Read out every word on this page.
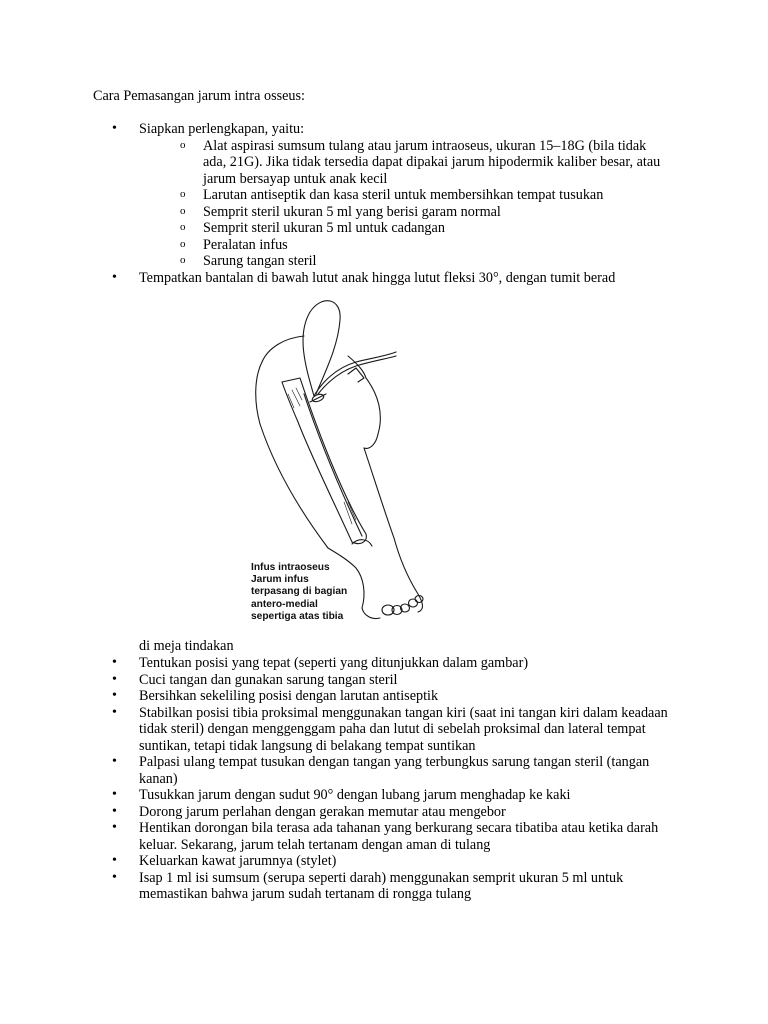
Cara Pemasangan jarum intra osseus:
• Siapkan perlengkapan, yaitu:
o Alat aspirasi sumsum tulang atau jarum intraoseus, ukuran 15–18G (bila tidak ada, 21G). Jika tidak tersedia dapat dipakai jarum hipodermik kaliber besar, atau jarum bersayap untuk anak kecil
o Larutan antiseptik dan kasa steril untuk membersihkan tempat tusukan
o Semprit steril ukuran 5 ml yang berisi garam normal
o Semprit steril ukuran 5 ml untuk cadangan
o Peralatan infus
o Sarung tangan steril
• Tempatkan bantalan di bawah lutut anak hingga lutut fleksi 30°, dengan tumit berad
Infus intraoseus Jarum infus terpasang di bagian antero-medial sepertiga atas tibia
di meja tindakan
• Tentukan posisi yang tepat (seperti yang ditunjukkan dalam gambar)
• Cuci tangan dan gunakan sarung tangan steril
• Bersihkan sekeliling posisi dengan larutan antiseptik
• Stabilkan posisi tibia proksimal menggunakan tangan kiri (saat ini tangan kiri dalam keadaan tidak steril) dengan menggenggam paha dan lutut di sebelah proksimal dan lateral tempat suntikan, tetapi tidak langsung di belakang tempat suntikan
• Palpasi ulang tempat tusukan dengan tangan yang terbungkus sarung tangan steril (tangan kanan)
• Tusukkan jarum dengan sudut 90° dengan lubang jarum menghadap ke kaki
• Dorong jarum perlahan dengan gerakan memutar atau mengebor
• Hentikan dorongan bila terasa ada tahanan yang berkurang secara tibatiba atau ketika darah keluar. Sekarang, jarum telah tertanam dengan aman di tulang
• Keluarkan kawat jarumnya (stylet)
• Isap 1 ml isi sumsum (serupa seperti darah) menggunakan semprit ukuran 5 ml untuk memastikan bahwa jarum sudah tertanam di rongga tulang
